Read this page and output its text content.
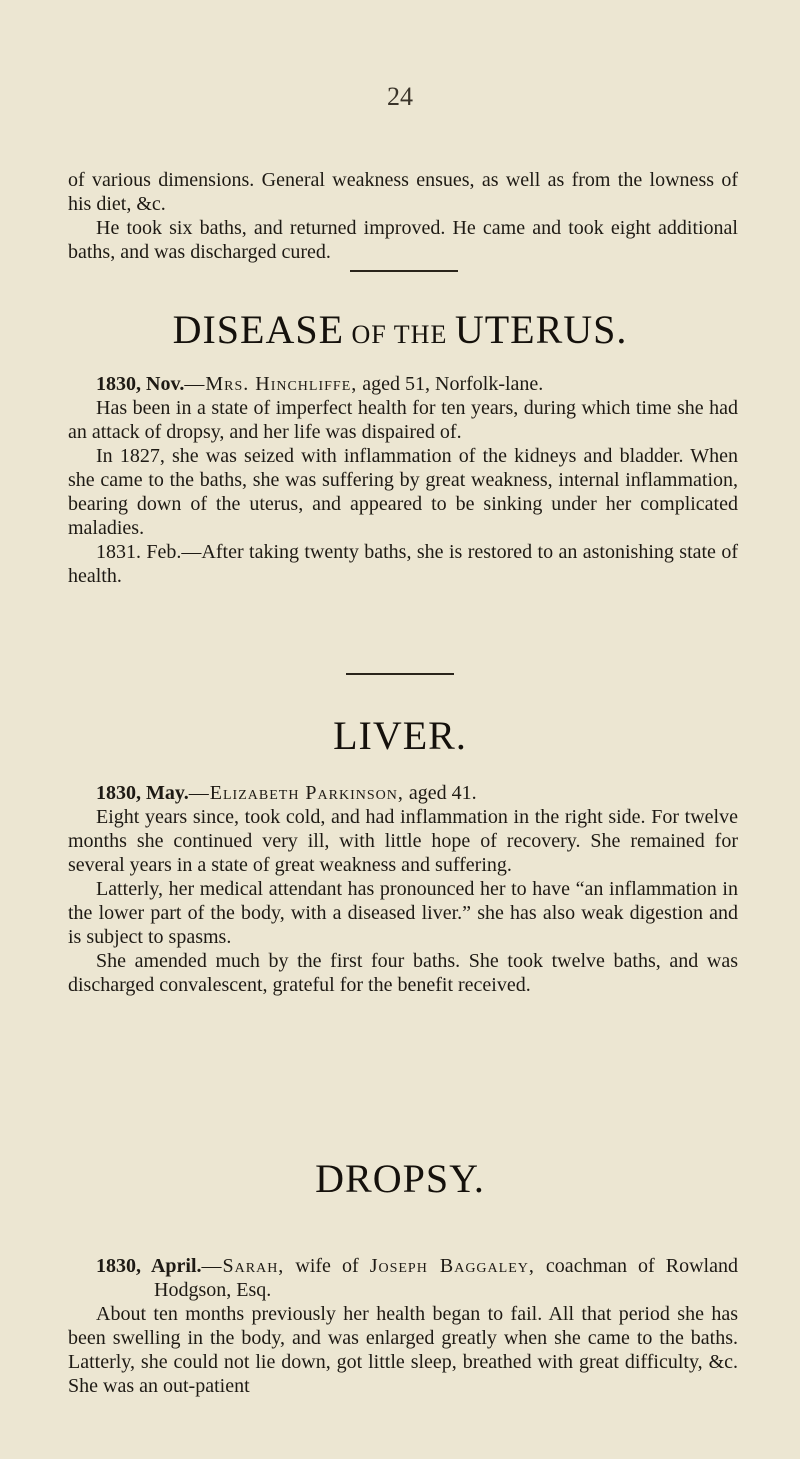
24

of various dimensions. General weakness ensues, as well as from the lowness of his diet, &c.

He took six baths, and returned improved. He came and took eight additional baths, and was discharged cured.

DISEASE OF THE UTERUS.

1830, Nov.—Mrs. Hinchliffe, aged 51, Norfolk-lane.

Has been in a state of imperfect health for ten years, during which time she had an attack of dropsy, and her life was dispaired of.

In 1827, she was seized with inflammation of the kidneys and bladder. When she came to the baths, she was suffering by great weakness, internal inflammation, bearing down of the uterus, and appeared to be sinking under her complicated maladies.

1831. Feb.—After taking twenty baths, she is restored to an astonishing state of health.

LIVER.

1830, May.—Elizabeth Parkinson, aged 41.

Eight years since, took cold, and had inflammation in the right side. For twelve months she continued very ill, with little hope of recovery. She remained for several years in a state of great weakness and suffering.

Latterly, her medical attendant has pronounced her to have “an inflammation in the lower part of the body, with a diseased liver.” she has also weak digestion and is subject to spasms.

She amended much by the first four baths. She took twelve baths, and was discharged convalescent, grateful for the benefit received.

DROPSY.

1830, April.—Sarah, wife of Joseph Baggaley, coachman of Rowland Hodgson, Esq.

About ten months previously her health began to fail. All that period she has been swelling in the body, and was enlarged greatly when she came to the baths. Latterly, she could not lie down, got little sleep, breathed with great difficulty, &c. She was an out-patient
